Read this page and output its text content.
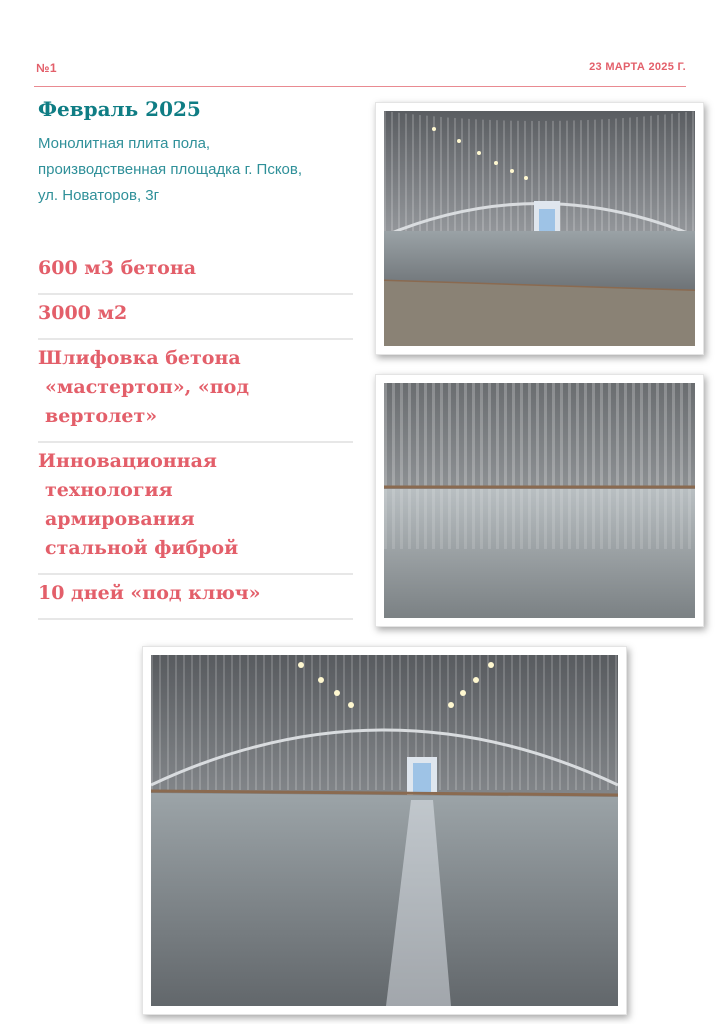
№1	23 МАРТА 2025 Г.
Февраль 2025
Монолитная плита пола,
производственная площадка г. Псков,
ул. Новаторов, 3г
600 м3 бетона
3000 м2
Шлифовка бетона
«мастертоп», «под
вертолет»
Инновационная
технология
армирования
стальной фиброй
10 дней «под ключ»
